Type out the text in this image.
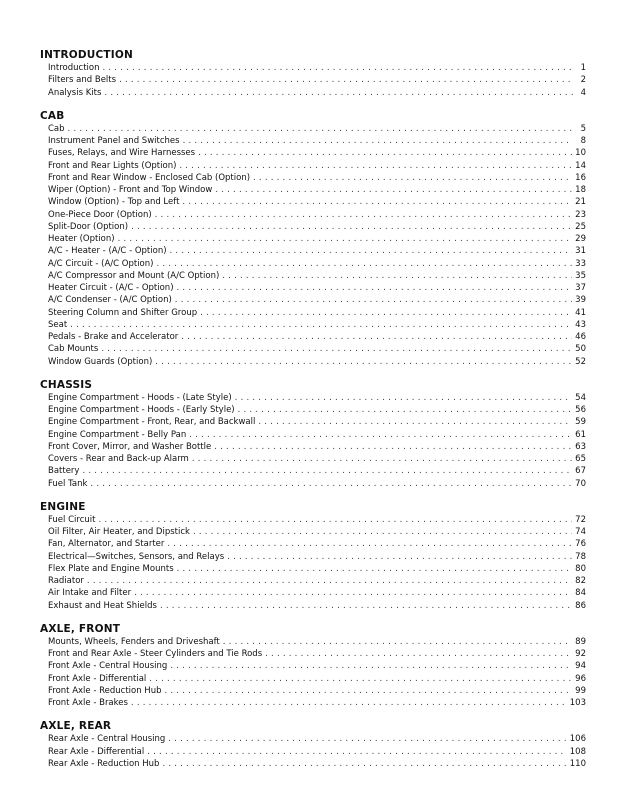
INTRODUCTION
Introduction . . .	1
Filters and Belts . . .	2
Analysis Kits . . .	4
CAB
Cab . . .	5
Instrument Panel and Switches . . .	8
Fuses, Relays, and Wire Harnesses . . .	10
Front and Rear Lights (Option) . . .	14
Front and Rear Window - Enclosed Cab (Option) . . .	16
Wiper (Option) - Front and Top Window . . .	18
Window (Option) - Top and Left . . .	21
One-Piece Door (Option) . . .	23
Split-Door (Option) . . .	25
Heater (Option) . . .	29
A/C - Heater - (A/C - Option) . . .	31
A/C Circuit - (A/C Option) . . .	33
A/C Compressor and Mount (A/C Option) . . .	35
Heater Circuit - (A/C - Option) . . .	37
A/C Condenser - (A/C Option) . . .	39
Steering Column and Shifter Group . . .	41
Seat . . .	43
Pedals - Brake and Accelerator . . .	46
Cab Mounts . . .	50
Window Guards (Option) . . .	52
CHASSIS
Engine Compartment - Hoods - (Late Style) . . .	54
Engine Compartment - Hoods - (Early Style) . . .	56
Engine Compartment - Front, Rear, and Backwall . . .	59
Engine Compartment - Belly Pan . . .	61
Front Cover, Mirror, and Washer Bottle . . .	63
Covers - Rear and Back-up Alarm . . .	65
Battery . . .	67
Fuel Tank . . .	70
ENGINE
Fuel Circuit . . .	72
Oil Filter, Air Heater, and Dipstick . . .	74
Fan, Alternator, and Starter . . .	76
Electrical—Switches, Sensors, and Relays . . .	78
Flex Plate and Engine Mounts . . .	80
Radiator . . .	82
Air Intake and Filter . . .	84
Exhaust and Heat Shields . . .	86
AXLE, FRONT
Mounts, Wheels, Fenders and Driveshaft . . .	89
Front and Rear Axle - Steer Cylinders and Tie Rods . . .	92
Front Axle - Central Housing . . .	94
Front Axle - Differential . . .	96
Front Axle - Reduction Hub . . .	99
Front Axle - Brakes . . .	103
AXLE, REAR
Rear Axle - Central Housing . . .	106
Rear Axle - Differential . . .	108
Rear Axle - Reduction Hub . . .	110
